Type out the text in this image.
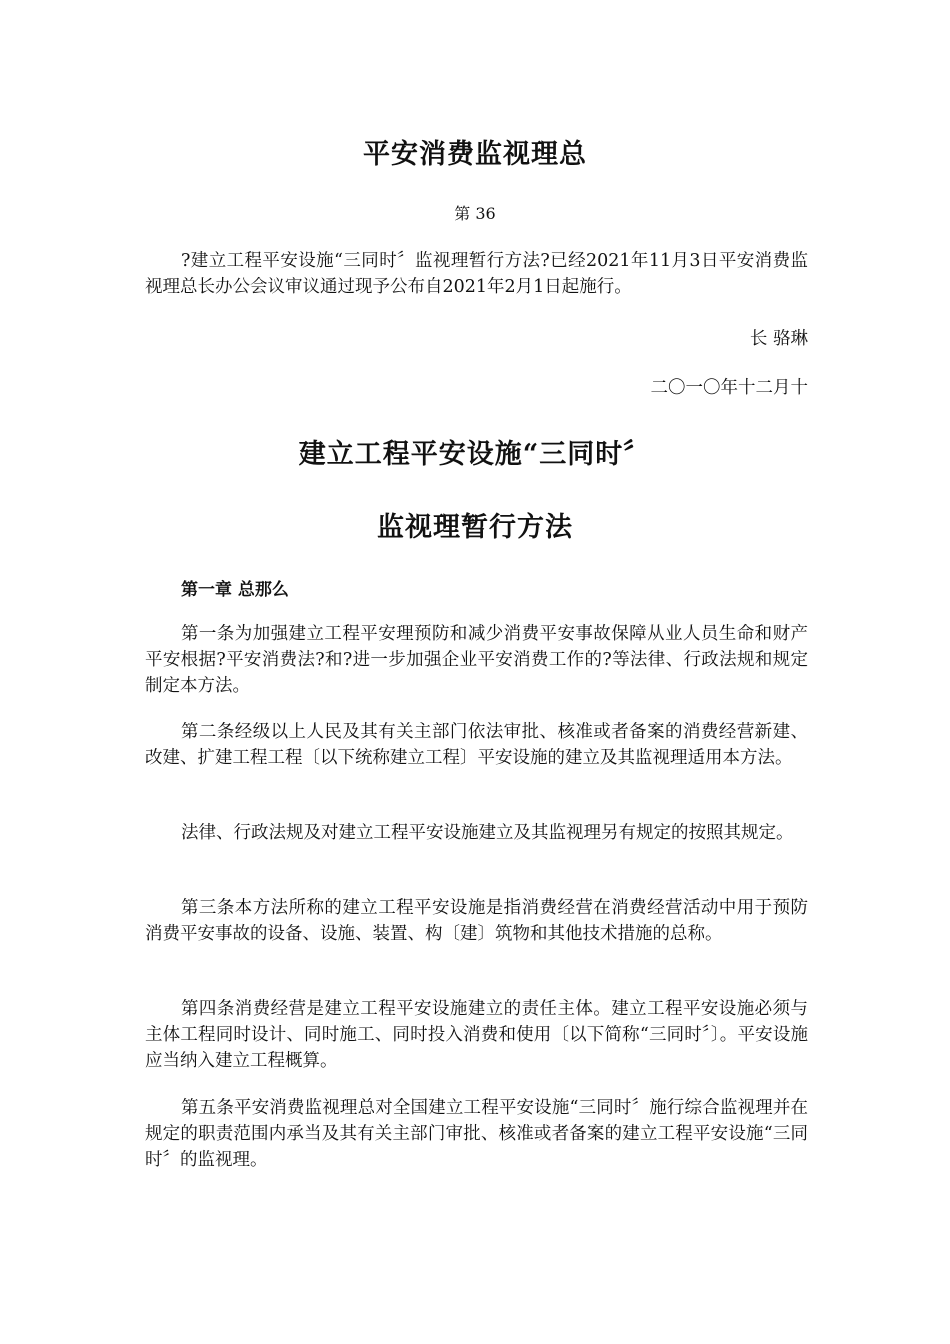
平安消费监视理总

第 36

?建立工程平安设施“三同时〞监视理暂行方法?已经2021年11月3日平安消费监视理总长办公会议审议通过现予公布自2021年2月1日起施行。

长 骆琳

二〇一〇年十二月十

建立工程平安设施“三同时〞
监视理暂行方法

第一章 总那么

第一条为加强建立工程平安理预防和减少消费平安事故保障从业人员生命和财产平安根据?平安消费法?和?进一步加强企业平安消费工作的?等法律、行政法规和规定制定本方法。

第二条经级以上人民及其有关主部门依法审批、核准或者备案的消费经营新建、改建、扩建工程工程〔以下统称建立工程〕平安设施的建立及其监视理适用本方法。

法律、行政法规及对建立工程平安设施建立及其监视理另有规定的按照其规定。

第三条本方法所称的建立工程平安设施是指消费经营在消费经营活动中用于预防消费平安事故的设备、设施、装置、构〔建〕筑物和其他技术措施的总称。

第四条消费经营是建立工程平安设施建立的责任主体。建立工程平安设施必须与主体工程同时设计、同时施工、同时投入消费和使用〔以下简称“三同时〞〕。平安设施应当纳入建立工程概算。

第五条平安消费监视理总对全国建立工程平安设施“三同时〞施行综合监视理并在规定的职责范围内承当及其有关主部门审批、核准或者备案的建立工程平安设施“三同时〞的监视理。
